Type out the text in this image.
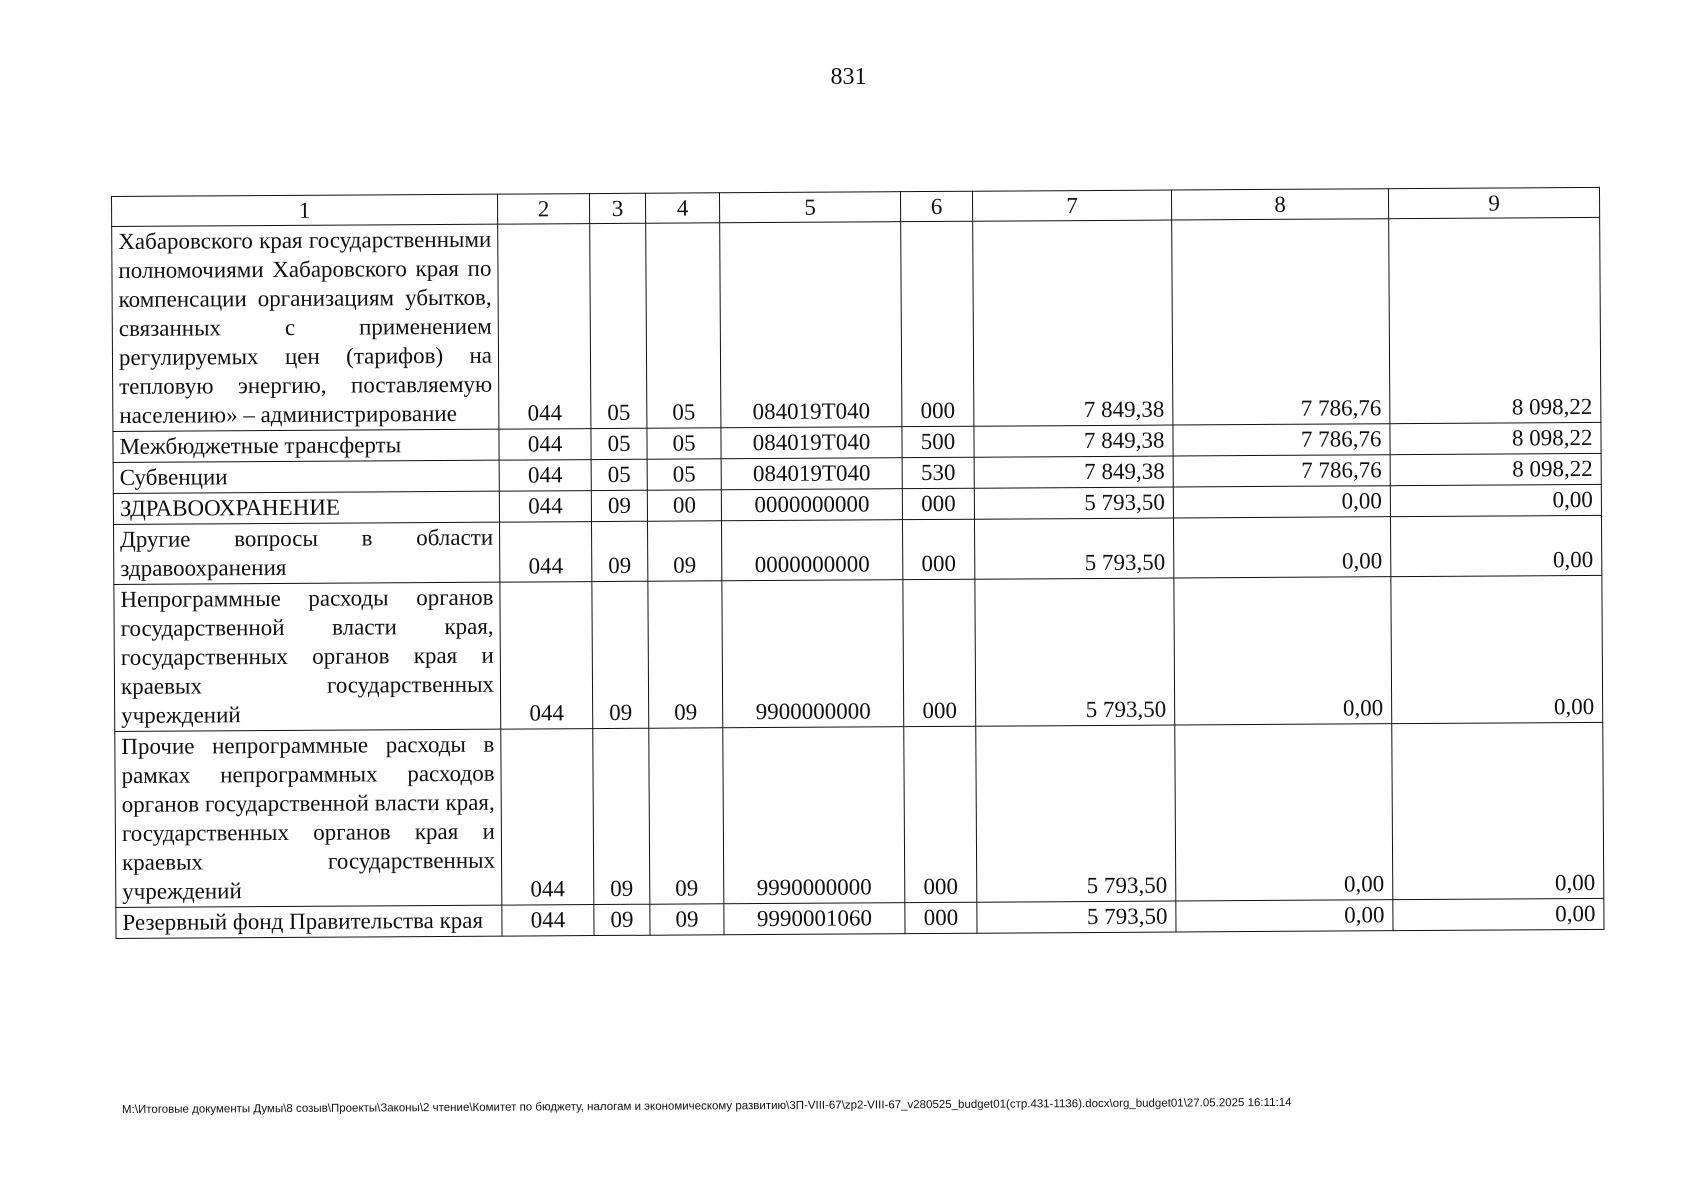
831
1	2	3	4	5	6	7	8	9
Хабаровского края государственными полномочиями Хабаровского края по компенсации организациям убытков, связанных с применением регулируемых цен (тарифов) на тепловую энергию, поставляемую населению» – администрирование	044	05	05	084019Т040	000	7 849,38	7 786,76	8 098,22
Межбюджетные трансферты	044	05	05	084019Т040	500	7 849,38	7 786,76	8 098,22
Субвенции	044	05	05	084019Т040	530	7 849,38	7 786,76	8 098,22
ЗДРАВООХРАНЕНИЕ	044	09	00	0000000000	000	5 793,50	0,00	0,00
Другие вопросы в области здравоохранения	044	09	09	0000000000	000	5 793,50	0,00	0,00
Непрограммные расходы органов государственной власти края, государственных органов края и краевых государственных учреждений	044	09	09	9900000000	000	5 793,50	0,00	0,00
Прочие непрограммные расходы в рамках непрограммных расходов органов государственной власти края, государственных органов края и краевых государственных учреждений	044	09	09	9990000000	000	5 793,50	0,00	0,00
Резервный фонд Правительства края	044	09	09	9990001060	000	5 793,50	0,00	0,00
M:\Итоговые документы Думы\8 созыв\Проекты\Законы\2 чтение\Комитет по бюджету, налогам и экономическому развитию\3П-VIII-67\zp2-VIII-67_v280525_budget01(стр.431-1136).docx\org_budget01\27.05.2025 16:11:14
